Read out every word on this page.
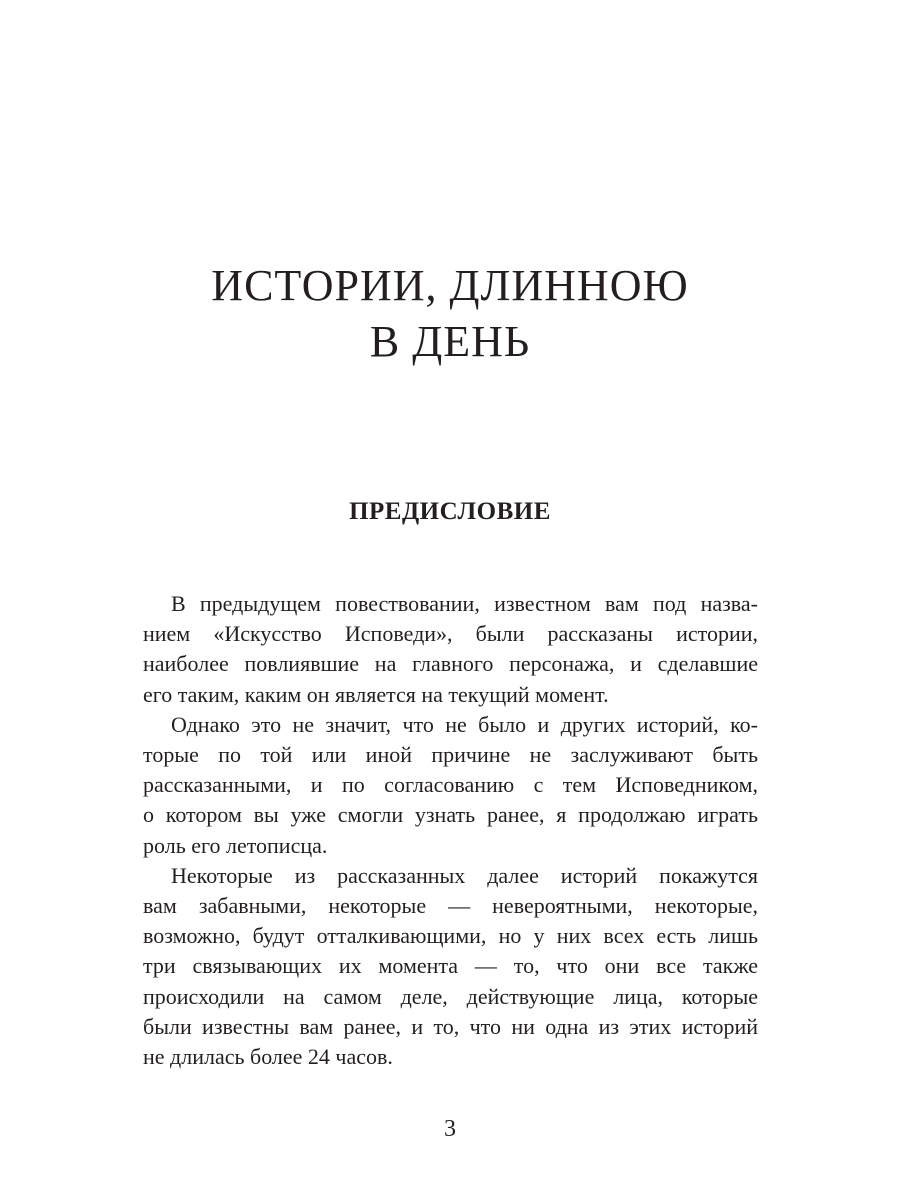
ИСТОРИИ, ДЛИННОЮ
В ДЕНЬ
ПРЕДИСЛОВИЕ
В предыдущем повествовании, известном вам под назва-
нием «Искусство Исповеди», были рассказаны истории,
наиболее повлиявшие на главного персонажа, и сделавшие
его таким, каким он является на текущий момент.
Однако это не значит, что не было и других историй, ко-
торые по той или иной причине не заслуживают быть
рассказанными, и по согласованию с тем Исповедником,
о котором вы уже смогли узнать ранее, я продолжаю играть
роль его летописца.
Некоторые из рассказанных далее историй покажутся
вам забавными, некоторые — невероятными, некоторые,
возможно, будут отталкивающими, но у них всех есть лишь
три связывающих их момента — то, что они все также
происходили на самом деле, действующие лица, которые
были известны вам ранее, и то, что ни одна из этих историй
не длилась более 24 часов.
3
